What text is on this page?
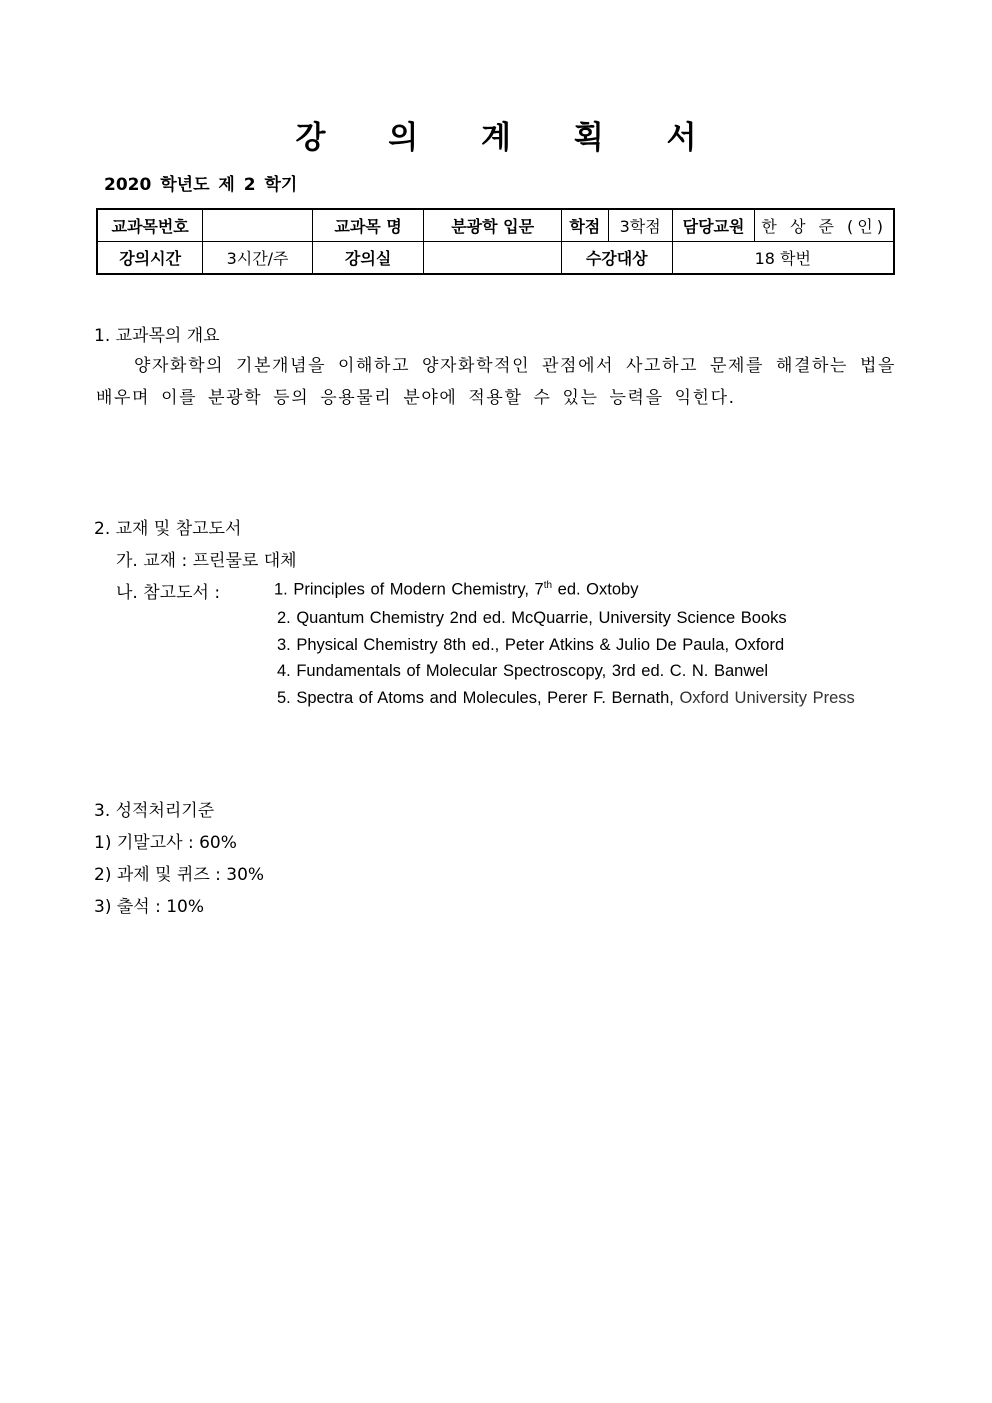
강 의 계 획 서
2020 학년도 제 2 학기
교과목번호		교과목 명	분광학 입문	학점	3학점	담당교원	한 상 준 (인)
강의시간	3시간/주	강의실		수강대상		18 학번	
1. 교과목의 개요
양자화학의 기본개념을 이해하고 양자화학적인 관점에서 사고하고 문제를 해결하는 법을 배우며 이를 분광학 등의 응용물리 분야에 적용할 수 있는 능력을 익힌다.
2. 교재 및 참고도서
가. 교재 : 프린물로 대체
나. 참고도서 :	1. Principles of Modern Chemistry, 7th ed. Oxtoby
2. Quantum Chemistry 2nd ed. McQuarrie, University Science Books
3. Physical Chemistry 8th ed., Peter Atkins & Julio De Paula, Oxford
4. Fundamentals of Molecular Spectroscopy, 3rd ed. C. N. Banwel
5. Spectra of Atoms and Molecules, Perer F. Bernath, Oxford University Press
3. 성적처리기준
1) 기말고사 : 60%
2) 과제 및 퀴즈 : 30%
3) 출석 : 10%
